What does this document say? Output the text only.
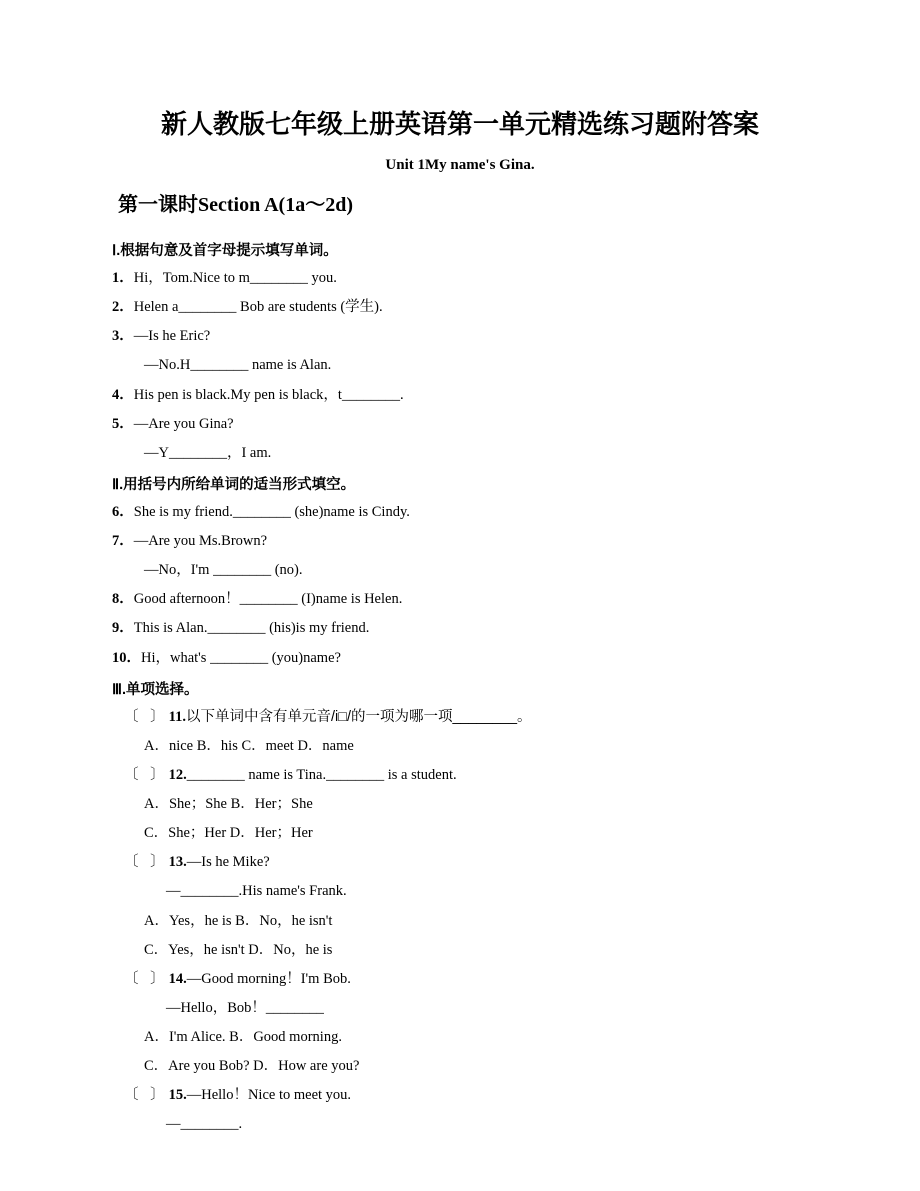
新人教版七年级上册英语第一单元精选练习题附答案
Unit 1My name's Gina.
第一课时Section A(1a～2d)
Ⅰ.根据句意及首字母提示填写单词。
1．Hi，Tom.Nice to m________ you.
2．Helen a________ Bob are students (学生).
3．—Is he Eric?
—No.H________ name is Alan.
4．His pen is black.My pen is black，t________.
5．—Are you Gina?
—Y________，I am.
Ⅱ.用括号内所给单词的适当形式填空。
6．She is my friend.________ (she)name is Cindy.
7．—Are you Ms.Brown?
—No，I'm ________ (no).
8．Good afternoon！________ (I)name is Helen.
9．This is Alan.________ (his)is my friend.
10．Hi，what's ________ (you)name?
Ⅲ.单项选择。
〔 〕11.以下单词中含有单元音/i□/的一项为哪一项________。
A．nice B．his C．meet D．name
〔 〕12.________ name is Tina.________ is a student.
A．She；She B．Her；She
C．She；Her D．Her；Her
〔 〕13.—Is he Mike?
—________.His name's Frank.
A．Yes，he is B．No，he isn't
C．Yes，he isn't D．No，he is
〔 〕14.—Good morning！I'm Bob.
—Hello，Bob！________
A．I'm Alice. B．Good morning.
C．Are you Bob? D．How are you?
〔 〕15.—Hello！Nice to meet you.
—________.
